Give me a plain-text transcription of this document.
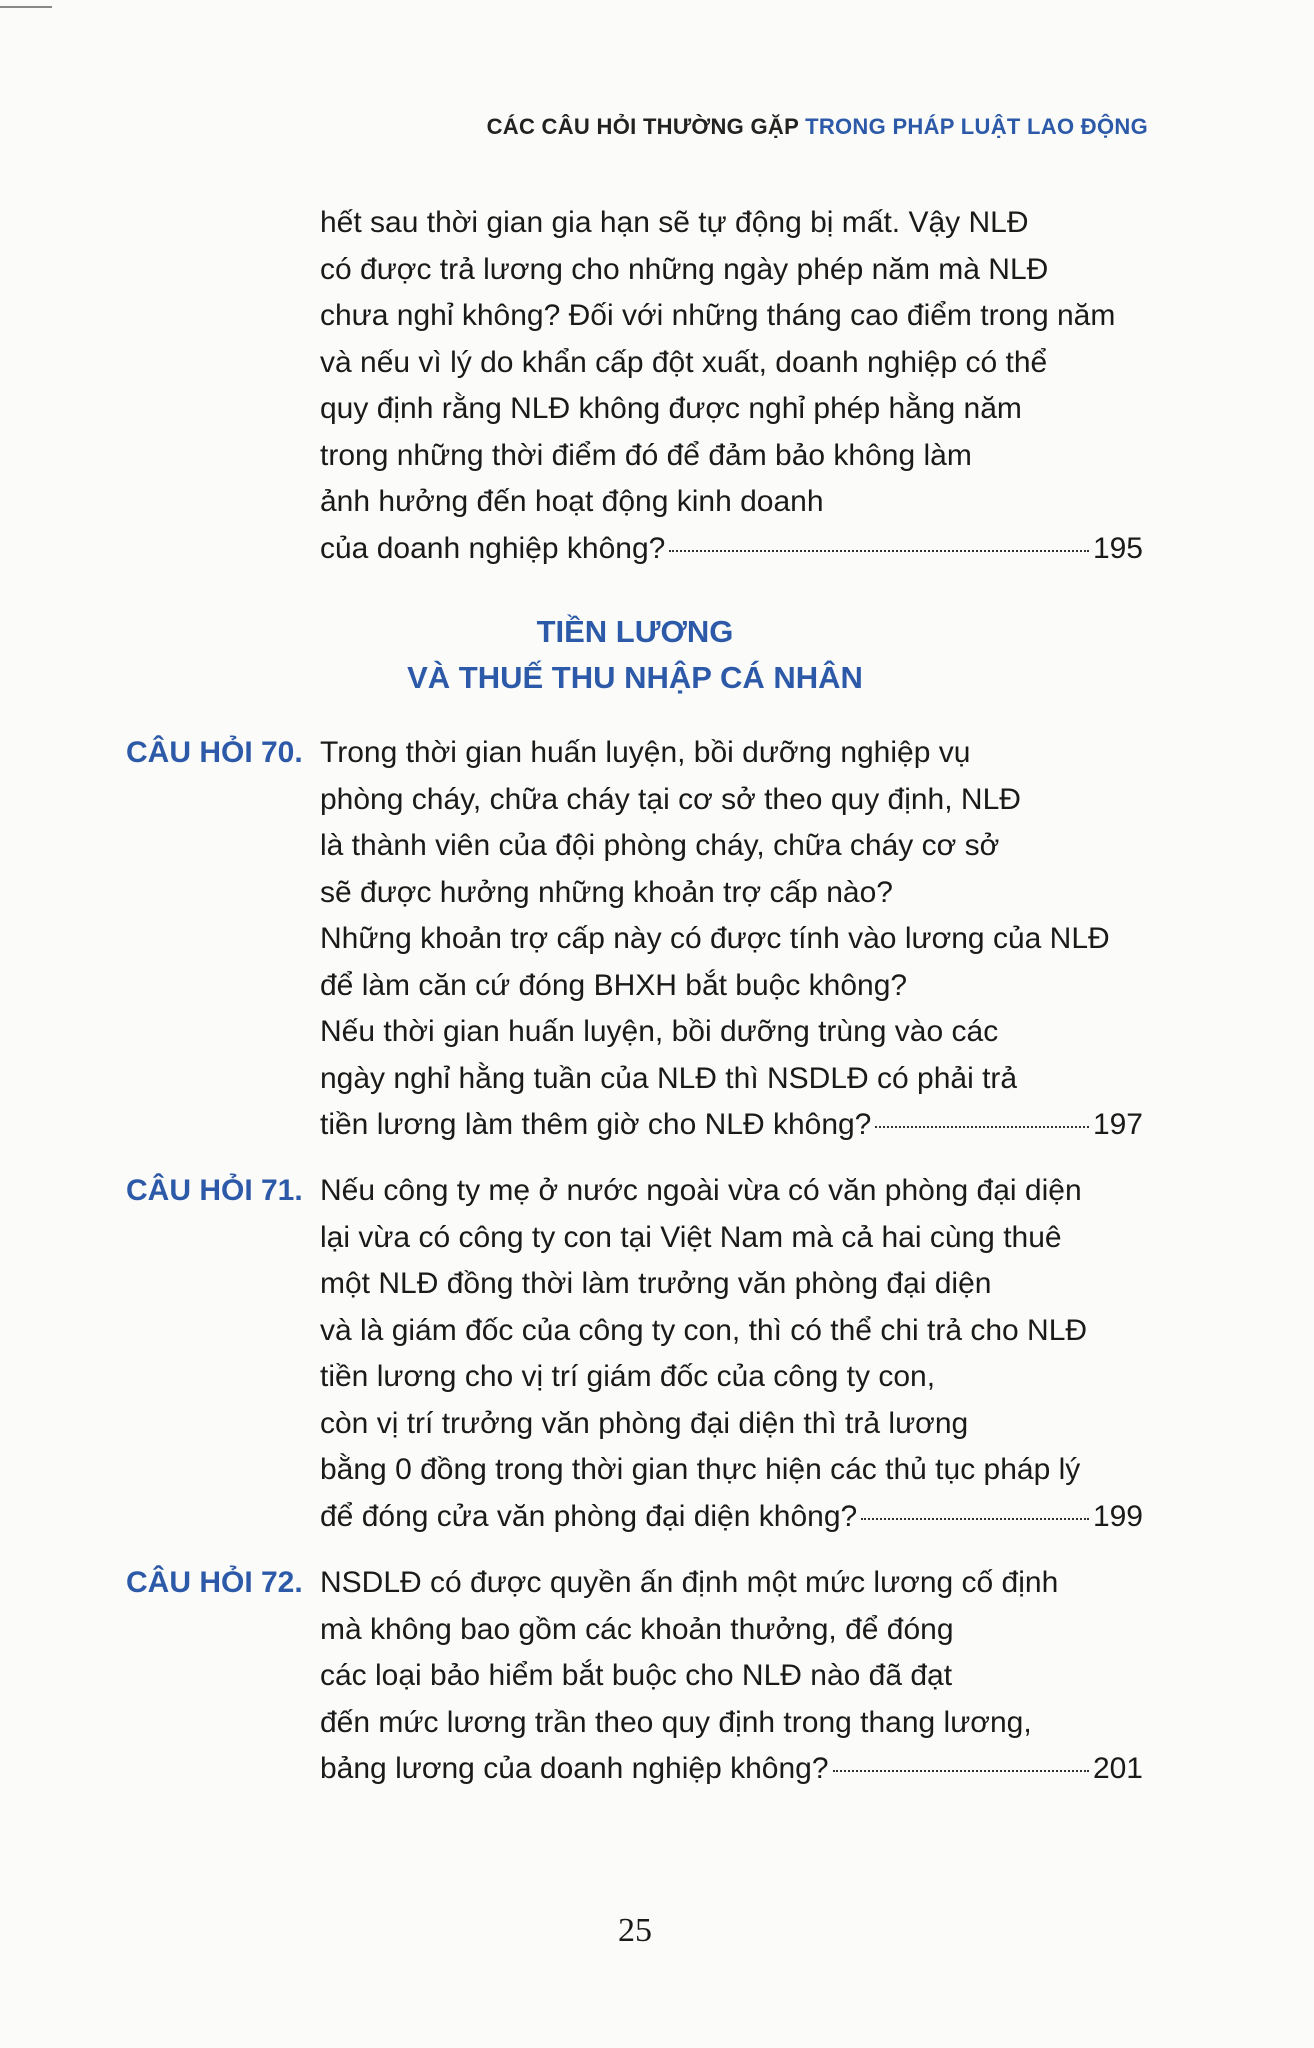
CÁC CÂU HỎI THƯỜNG GẶP TRONG PHÁP LUẬT LAO ĐỘNG
hết sau thời gian gia hạn sẽ tự động bị mất. Vậy NLĐ
có được trả lương cho những ngày phép năm mà NLĐ
chưa nghỉ không? Đối với những tháng cao điểm trong năm
và nếu vì lý do khẩn cấp đột xuất, doanh nghiệp có thể
quy định rằng NLĐ không được nghỉ phép hằng năm
trong những thời điểm đó để đảm bảo không làm
ảnh hưởng đến hoạt động kinh doanh
của doanh nghiệp không?	195
TIỀN LƯƠNG
VÀ THUẾ THU NHẬP CÁ NHÂN
CÂU HỎI 70. Trong thời gian huấn luyện, bồi dưỡng nghiệp vụ
phòng cháy, chữa cháy tại cơ sở theo quy định, NLĐ
là thành viên của đội phòng cháy, chữa cháy cơ sở
sẽ được hưởng những khoản trợ cấp nào?
Những khoản trợ cấp này có được tính vào lương của NLĐ
để làm căn cứ đóng BHXH bắt buộc không?
Nếu thời gian huấn luyện, bồi dưỡng trùng vào các
ngày nghỉ hằng tuần của NLĐ thì NSDLĐ có phải trả
tiền lương làm thêm giờ cho NLĐ không?	197
CÂU HỎI 71. Nếu công ty mẹ ở nước ngoài vừa có văn phòng đại diện
lại vừa có công ty con tại Việt Nam mà cả hai cùng thuê
một NLĐ đồng thời làm trưởng văn phòng đại diện
và là giám đốc của công ty con, thì có thể chi trả cho NLĐ
tiền lương cho vị trí giám đốc của công ty con,
còn vị trí trưởng văn phòng đại diện thì trả lương
bằng 0 đồng trong thời gian thực hiện các thủ tục pháp lý
để đóng cửa văn phòng đại diện không?	199
CÂU HỎI 72. NSDLĐ có được quyền ấn định một mức lương cố định
mà không bao gồm các khoản thưởng, để đóng
các loại bảo hiểm bắt buộc cho NLĐ nào đã đạt
đến mức lương trần theo quy định trong thang lương,
bảng lương của doanh nghiệp không?	201
25
